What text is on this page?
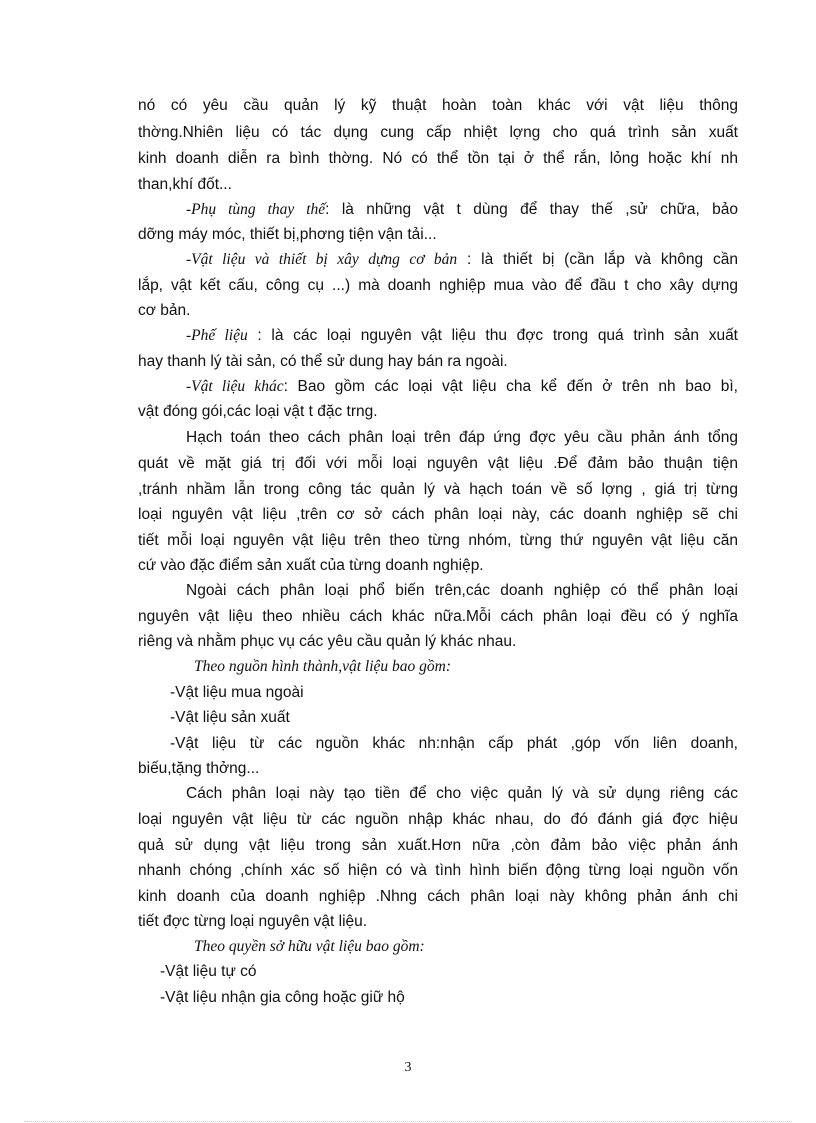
nó có yêu cầu quản lý kỹ thuật hoàn toàn khác với vật liệu thông
thờng.Nhiên liệu có tác dụng cung cấp nhiệt lợng cho quá trình sản xuất
kinh doanh diễn ra bình thờng. Nó có thể tồn tại ở thể rắn, lỏng hoặc khí nh
than,khí đốt...
-Phụ tùng thay thế: là những vật t dùng để thay thế ,sử chữa, bảo
dỡng máy móc, thiết bị,phơng tiện vận tải...
-Vật liệu và thiết bị xây dựng cơ bản : là thiết bị (cần lắp và không cần
lắp, vật kết cấu, công cụ ...) mà doanh nghiệp mua vào để đầu t cho xây dựng
cơ bản.
-Phế liệu : là các loại nguyên vật liệu thu đợc trong quá trình sản xuất
hay thanh lý tài sản, có thể sử dung hay bán ra ngoài.
-Vật liệu khác: Bao gồm các loại vật liệu cha kể đến ở trên nh bao bì,
vật đóng gói,các loại vật t đặc trng.
Hạch toán theo cách phân loại trên đáp ứng đợc yêu cầu phản ánh tổng
quát về mặt giá trị đối với mỗi loại nguyên vật liệu .Để đảm bảo thuận tiện
,tránh nhầm lẫn trong công tác quản lý và hạch toán về số lợng , giá trị từng
loại nguyên vật liệu ,trên cơ sở cách phân loại này, các doanh nghiệp sẽ chi
tiết mỗi loại nguyên vật liệu trên theo từng nhóm, từng thứ nguyên vật liệu căn
cứ vào đặc điểm sản xuất của từng doanh nghiệp.
Ngoài cách phân loại phổ biến trên,các doanh nghiệp có thể phân loại
nguyên vật liệu theo nhiều cách khác nữa.Mỗi cách phân loại đều có ý nghĩa
riêng và nhằm phục vụ các yêu cầu quản lý khác nhau.
Theo nguồn hình thành,vật liệu bao gồm:
-Vật liệu mua ngoài
-Vật liệu sản xuất
-Vật liệu từ các nguồn khác nh:nhận cấp phát ,góp vốn liên doanh,
biếu,tặng thởng...
Cách phân loại này tạo tiền để cho việc quản lý và sử dụng riêng các
loại nguyên vật liệu từ các nguồn nhập khác nhau, do đó đánh giá đợc hiệu
quả sử dụng vật liệu trong sản xuất.Hơn nữa ,còn đảm bảo việc phản ánh
nhanh chóng ,chính xác số hiện có và tình hình biến động từng loại nguồn vốn
kinh doanh của doanh nghiệp .Nhng cách phân loại này không phản ánh chi
tiết đợc từng loại nguyên vật liệu.
Theo quyền sở hữu vật liệu bao gồm:
-Vật liệu tự có
-Vật liệu nhận gia công hoặc giữ hộ
3
